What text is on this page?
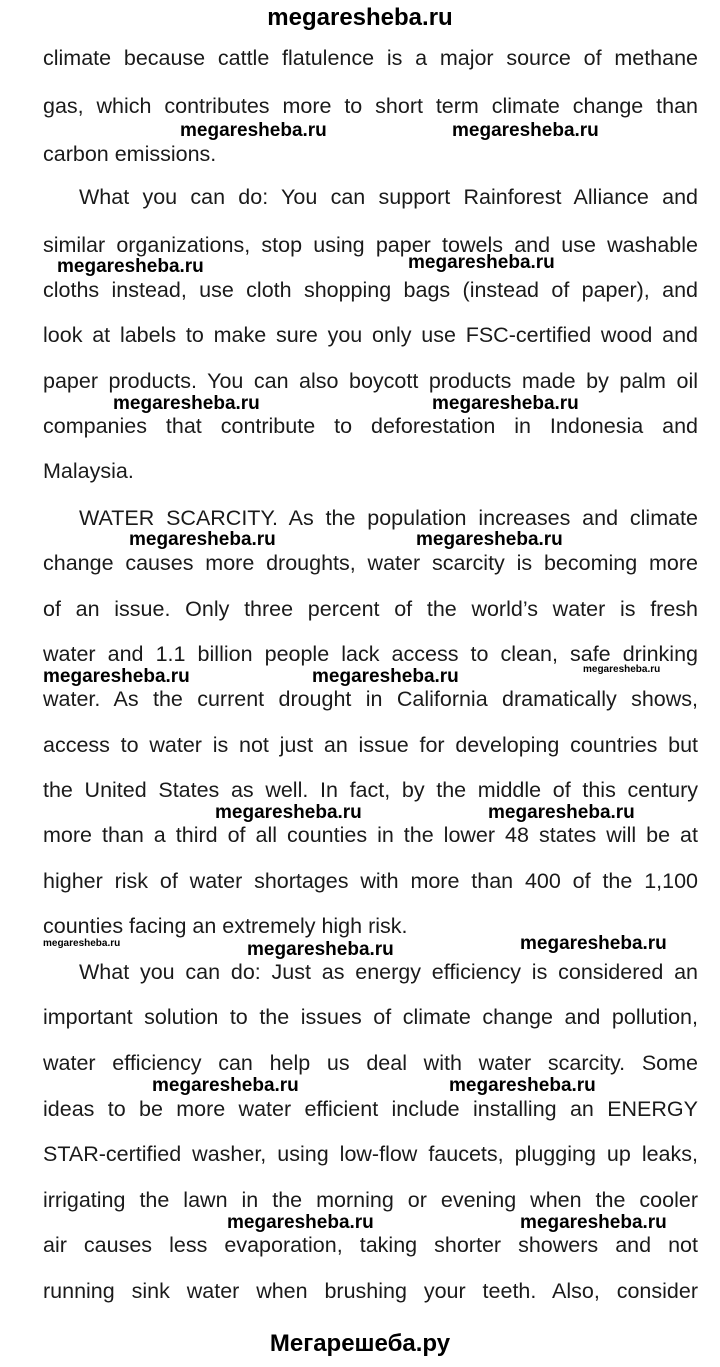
megaresheba.ru
climate because cattle flatulence is a major source of methane
gas, which contributes more to short term climate change than
carbon emissions.
What you can do: You can support Rainforest Alliance and
similar organizations, stop using paper towels and use washable
cloths instead, use cloth shopping bags (instead of paper), and
look at labels to make sure you only use FSC-certified wood and
paper products. You can also boycott products made by palm oil
companies that contribute to deforestation in Indonesia and
Malaysia.
WATER SCARCITY. As the population increases and climate
change causes more droughts, water scarcity is becoming more
of an issue. Only three percent of the world’s water is fresh
water and 1.1 billion people lack access to clean, safe drinking
water. As the current drought in California dramatically shows,
access to water is not just an issue for developing countries but
the United States as well. In fact, by the middle of this century
more than a third of all counties in the lower 48 states will be at
higher risk of water shortages with more than 400 of the 1,100
counties facing an extremely high risk.
What you can do: Just as energy efficiency is considered an
important solution to the issues of climate change and pollution,
water efficiency can help us deal with water scarcity. Some
ideas to be more water efficient include installing an ENERGY
STAR-certified washer, using low-flow faucets, plugging up leaks,
irrigating the lawn in the morning or evening when the cooler
air causes less evaporation, taking shorter showers and not
running sink water when brushing your teeth. Also, consider
megaresheba.ru	megaresheba.ru
megaresheba.ru	megaresheba.ru
megaresheba.ru	megaresheba.ru
megaresheba.ru	megaresheba.ru
megaresheba.ru	megaresheba.ru	megaresheba.ru
megaresheba.ru	megaresheba.ru
megaresheba.ru	megaresheba.ru	megaresheba.ru
megaresheba.ru	megaresheba.ru
megaresheba.ru	megaresheba.ru
Мегарешеба.ру
